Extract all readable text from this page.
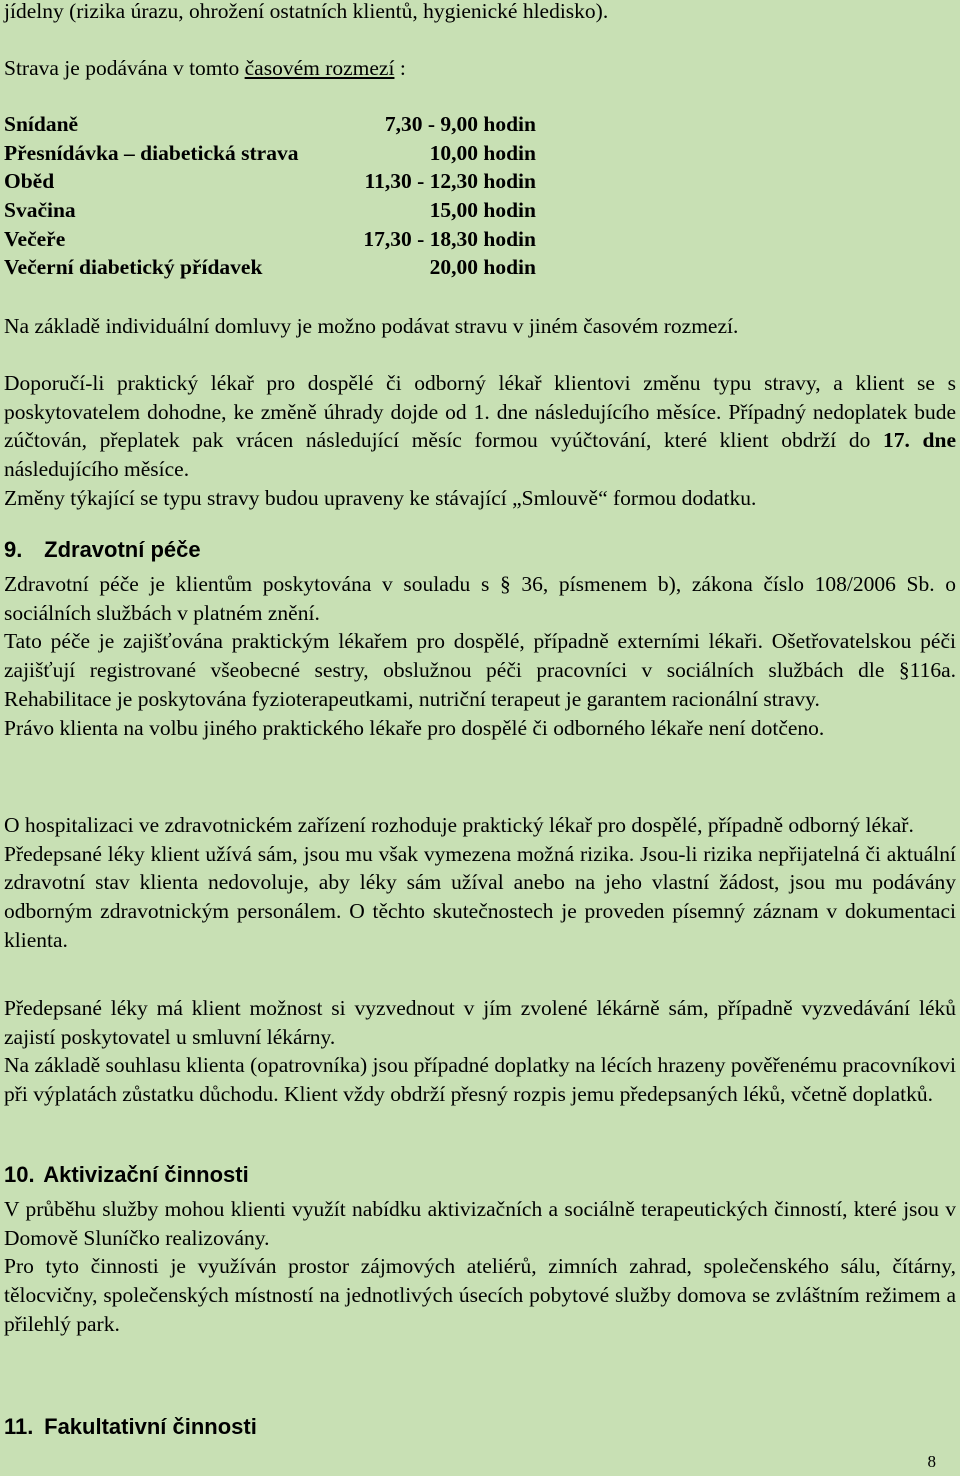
jídelny (rizika úrazu, ohrožení ostatních klientů, hygienické hledisko).
Strava je podávána v tomto časovém rozmezí :
Snídaně	7,30 - 9,00 hodin
Přesnídávka – diabetická strava	10,00 hodin
Oběd	11,30 - 12,30 hodin
Svačina	15,00 hodin
Večeře	17,30 - 18,30 hodin
Večerní diabetický přídavek	20,00 hodin
Na základě individuální domluvy je možno podávat stravu v jiném časovém rozmezí.
Doporučí-li praktický lékař pro dospělé či odborný lékař klientovi změnu typu stravy, a klient se s poskytovatelem dohodne, ke změně úhrady dojde od 1. dne následujícího měsíce. Případný nedoplatek bude zúčtován, přeplatek pak vrácen následující měsíc formou vyúčtování, které klient obdrží do 17. dne následujícího měsíce.
Změny týkající se typu stravy budou upraveny ke stávající „Smlouvě“ formou dodatku.
9. Zdravotní péče
Zdravotní péče je klientům poskytována v souladu s § 36, písmenem b), zákona číslo 108/2006 Sb. o sociálních službách v platném znění.
Tato péče je zajišťována praktickým lékařem pro dospělé, případně externími lékaři. Ošetřovatelskou péči zajišťují registrované všeobecné sestry, obslužnou péči pracovníci v sociálních službách dle §116a. Rehabilitace je poskytována fyzioterapeutkami, nutriční terapeut je garantem racionální stravy.
Právo klienta na volbu jiného praktického lékaře pro dospělé či odborného lékaře není dotčeno.
O hospitalizaci ve zdravotnickém zařízení rozhoduje praktický lékař pro dospělé, případně odborný lékař.
Předepsané léky klient užívá sám, jsou mu však vymezena možná rizika. Jsou-li rizika nepřijatelná či aktuální zdravotní stav klienta nedovoluje, aby léky sám užíval anebo na jeho vlastní žádost, jsou mu podávány odborným zdravotnickým personálem. O těchto skutečnostech je proveden písemný záznam v dokumentaci klienta.
Předepsané léky má klient možnost si vyzvednout v jím zvolené lékárně sám, případně vyzvedávání léků zajistí poskytovatel u smluvní lékárny.
Na základě souhlasu klienta (opatrovníka) jsou případné doplatky na lécích hrazeny pověřenému pracovníkovi při výplatách zůstatku důchodu. Klient vždy obdrží přesný rozpis jemu předepsaných léků, včetně doplatků.
10. Aktivizační činnosti
V průběhu služby mohou klienti využít nabídku aktivizačních a sociálně terapeutických činností, které jsou v Domově Sluníčko realizovány.
Pro tyto činnosti je využíván prostor zájmových ateliérů, zimních zahrad, společenského sálu, čítárny, tělocvičny, společenských místností na jednotlivých úsecích pobytové služby domova se zvláštním režimem a přilehlý park.
11. Fakultativní činnosti
8
